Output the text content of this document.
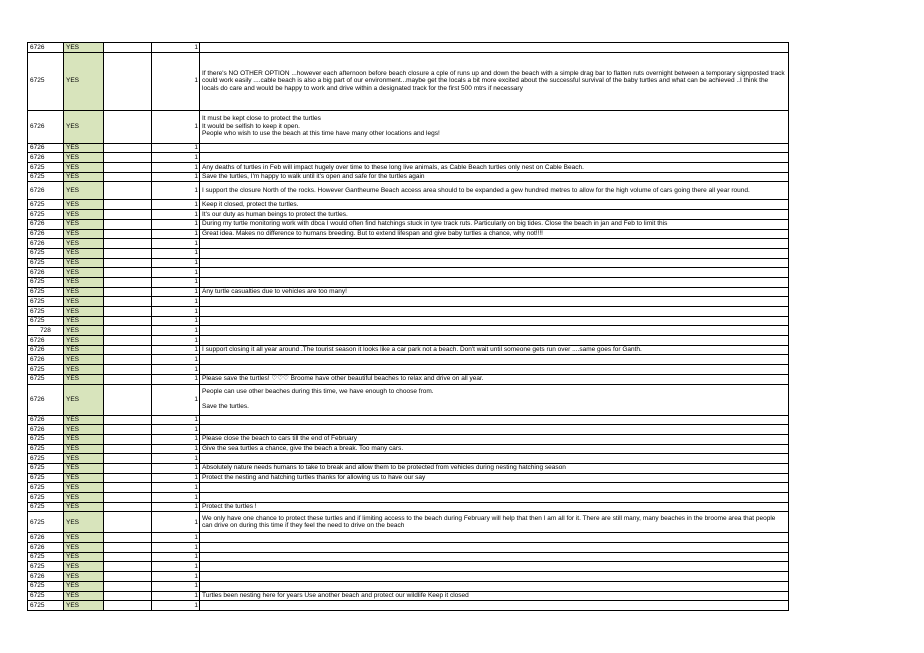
6726	YES		1	
6725	YES		1	If there's NO OTHER OPTION ...however each afternoon before beach closure a cple of runs up and down the beach with a simple drag bar to flatten ruts overnight between a temporary signposted track could work easily ....cable beach is also a big part of our environment...maybe get the locals a bit more excited about the successful survival of the baby turtles and what can be achieved ..I think the locals do care and would be happy to work and drive within a designated track for the first 500 mtrs if necessary
6726	YES		1	It must be kept close to protect the turtles
It would be selfish to keep it open.
People who wish to use the beach at this time have many other locations and legs!
6726	YES		1	
6726	YES		1	
6725	YES		1	Any deaths of turtles in Feb will impact hugely over time to these long live animals, as Cable Beach turtles only nest on Cable Beach.
6725	YES		1	Save the turtles, I'm happy to walk until it's open and safe for the turtles again
6726	YES		1	I support the closure North of the rocks. However Gantheume Beach access area should to be expanded a gew hundred metres to allow for the high volume of cars going there all year round.
6725	YES		1	Keep it closed, protect the turtles.
6725	YES		1	It's our duty as human beings to protect the turtles.
6726	YES		1	During my turtle monitoring work with dbca I would often find hatchings stuck in tyre track ruts. Particularly on big tides. Close the beach in jan and Feb to limit this
6726	YES		1	Great idea. Makes no difference to humans breeding. But to extend lifespan and give baby turtles a chance, why not!!!!
6726	YES		1	
6725	YES		1	
6725	YES		1	
6726	YES		1	
6725	YES		1	
6725	YES		1	Any turtle casualties due to vehicles are too many!
6725	YES		1	
6725	YES		1	
6725	YES		1	
728	YES		1	
6726	YES		1	
6726	YES		1	I support closing it all year around .The tourist season it looks like a car park not a beach. Don't wait until someone gets run over ....same goes for Ganth.
6726	YES		1	
6725	YES		1	
6725	YES		1	Please save the turtles! ♡♡♡ Broome have other beautiful beaches to relax and drive on all year.
6726	YES		1	People can use other beaches during this time, we have enough to choose from.

Save the turtles.
6726	YES		1	
6726	YES		1	
6725	YES		1	Please close the beach to cars till the end of February
6725	YES		1	Give the sea turtles a chance, give the beach a break. Too many cars.
6725	YES		1	
6725	YES		1	Absolutely nature needs humans to take to break and allow them to be protected from vehicles during nesting hatching season
6725	YES		1	Protect the nesting and hatching turtles thanks for allowing us to have our say
6725	YES		1	
6725	YES		1	
6725	YES		1	Protect the turtles !
6725	YES		1	We only have one chance to protect these turtles and if limiting access to the beach during February will help that then I am all for it. There are still many, many beaches in the broome area that people can drive on during this time if they feel the need to drive on the beach
6726	YES		1	
6726	YES		1	
6725	YES		1	
6725	YES		1	
6726	YES		1	
6725	YES		1	
6725	YES		1	Turtles been nesting here for years Use another beach and protect our wildlife Keep it closed
6725	YES		1	
